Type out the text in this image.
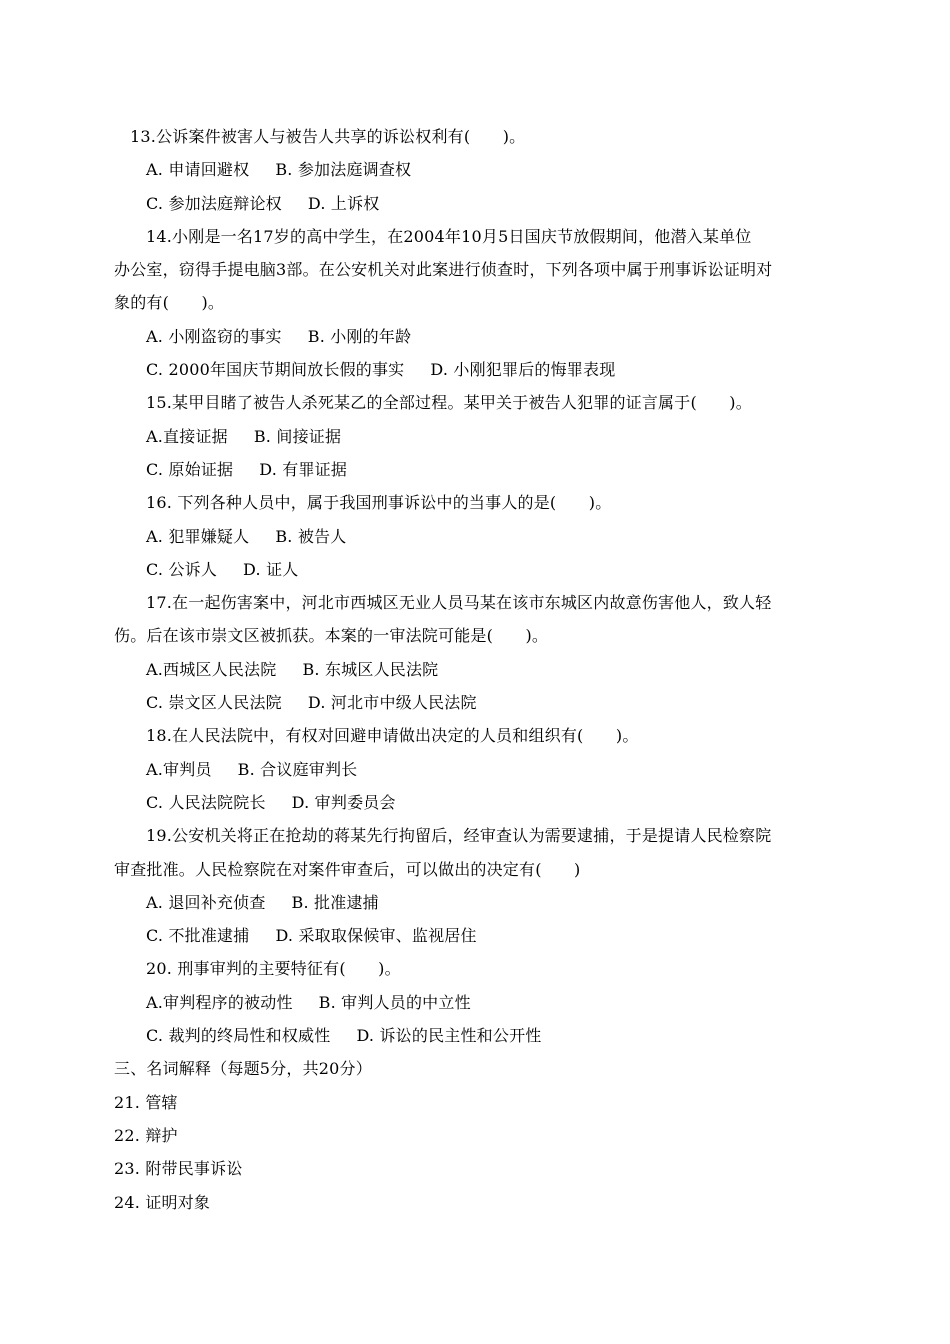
13.公诉案件被害人与被告人共享的诉讼权利有(　　)。
A. 申请回避权 B. 参加法庭调查权
C. 参加法庭辩论权 D. 上诉权
14.小刚是一名17岁的高中学生，在2004年10月5日国庆节放假期间，他潜入某单位
办公室，窃得手提电脑3部。在公安机关对此案进行侦查时，下列各项中属于刑事诉讼证明对
象的有(　　)。
A. 小刚盗窃的事实 B. 小刚的年龄
C. 2000年国庆节期间放长假的事实 D. 小刚犯罪后的悔罪表现
15.某甲目睹了被告人杀死某乙的全部过程。某甲关于被告人犯罪的证言属于(　　)。
A.直接证据 B. 间接证据
C. 原始证据 D. 有罪证据
16. 下列各种人员中，属于我国刑事诉讼中的当事人的是(　　)。
A. 犯罪嫌疑人 B. 被告人
C. 公诉人 D. 证人
17.在一起伤害案中，河北市西城区无业人员马某在该市东城区内故意伤害他人，致人轻
伤。后在该市崇文区被抓获。本案的一审法院可能是(　　)。
A.西城区人民法院 B. 东城区人民法院
C. 崇文区人民法院 D. 河北市中级人民法院
18.在人民法院中，有权对回避申请做出决定的人员和组织有(　　)。
A.审判员 B. 合议庭审判长
C. 人民法院院长 D. 审判委员会
19.公安机关将正在抢劫的蒋某先行拘留后，经审查认为需要逮捕，于是提请人民检察院
审查批准。人民检察院在对案件审查后，可以做出的决定有(　　)
A. 退回补充侦查 B. 批准逮捕
C. 不批准逮捕 D. 采取取保候审、监视居住
20. 刑事审判的主要特征有(　　)。
A.审判程序的被动性 B. 审判人员的中立性
C. 裁判的终局性和权威性 D. 诉讼的民主性和公开性
三、名词解释（每题5分，共20分）
21. 管辖
22. 辩护
23. 附带民事诉讼
24. 证明对象
